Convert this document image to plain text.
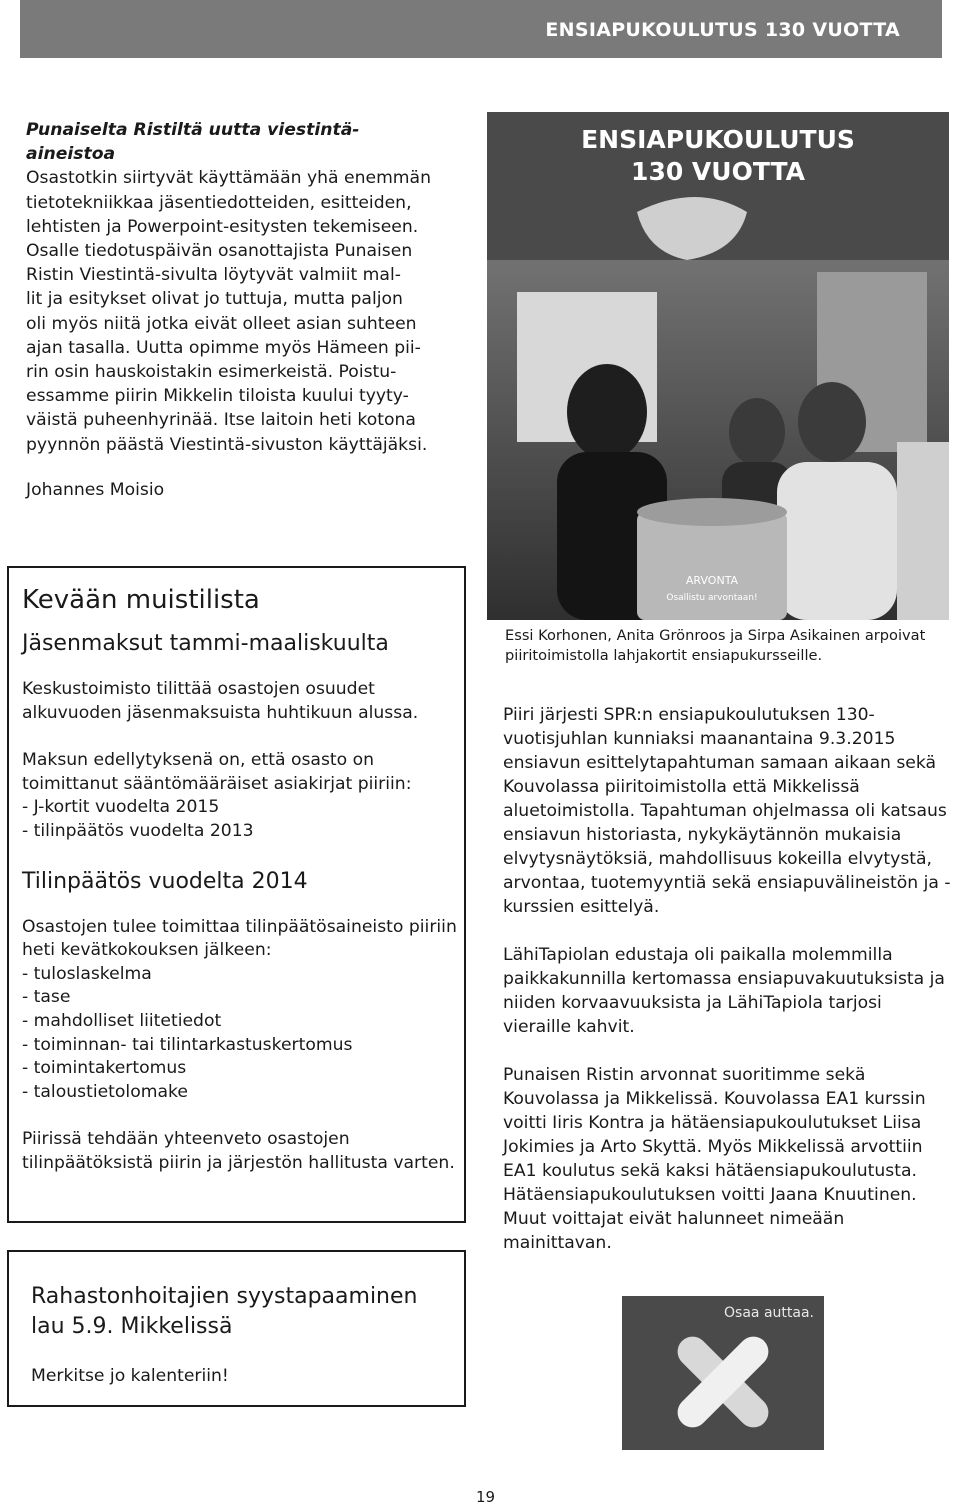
ENSIAPUKOULUTUS 130 VUOTTA
Punaiselta Ristiltä uutta viestintä-aineistoa
Osastotkin siirtyvät käyttämään yhä enemmän
tietotekniikkaa jäsentiedotteiden, esitteiden,
lehtisten ja Powerpoint-esitysten tekemiseen.
Osalle tiedotuspäivän osanottajista Punaisen
Ristin Viestintä-sivulta löytyvät valmiit mal-
lit ja esitykset olivat jo tuttuja, mutta paljon
oli myös niitä jotka eivät olleet asian suhteen
ajan tasalla. Uutta opimme myös Hämeen pii-
rin osin hauskoistakin esimerkeistä. Poistu-
essamme piirin Mikkelin tiloista kuului tyyty-
väistä puheenhyrinää. Itse laitoin heti kotona
pyynnön päästä Viestintä-sivuston käyttäjäksi.
Johannes Moisio
ENSIAPUKOULUTUS
130 VUOTTA
ARVONTA
Osallistu arvontaan!
Essi Korhonen, Anita Grönroos ja Sirpa Asikainen arpoivat piiritoimistolla lahjakortit ensiapukursseille.
Kevään muistilista
Jäsenmaksut tammi-maaliskuulta

Keskustoimisto tilittää osastojen osuudet alkuvuoden jäsenmaksuista huhtikuun alussa.

Maksun edellytyksenä on, että osasto on toimittanut sääntömääräiset asiakirjat piiriin:
- J-kortit vuodelta 2015
- tilinpäätös vuodelta 2013

Tilinpäätös vuodelta 2014

Osastojen tulee toimittaa tilinpäätösaineisto piiriin heti kevätkokouksen jälkeen:
- tuloslaskelma
- tase
- mahdolliset liitetiedot
- toiminnan- tai tilintarkastuskertomus
- toimintakertomus
- taloustietolomake

Piirissä tehdään yhteenveto osastojen tilinpäätöksistä piirin ja järjestön hallitusta varten.

Rahastonhoitajien syystapaaminen lau 5.9. Mikkelissä
Merkitse jo kalenteriin!

Piiri järjesti SPR:n ensiapukoulutuksen 130-vuotisjuhlan kunniaksi maanantaina 9.3.2015 ensiavun esittelytapahtuman samaan aikaan sekä Kouvolassa piiritoimistolla että Mikkelissä aluetoimistolla. Tapahtuman ohjelmassa oli katsaus ensiavun historiasta, nykykäytännön mukaisia elvytysnäytöksiä, mahdollisuus kokeilla elvytystä, arvontaa, tuotemyyntiä sekä ensiapuvälineistön ja -kurssien esittelyä.

LähiTapiolan edustaja oli paikalla molemmilla paikkakunnilla kertomassa ensiapuvakuutuksista ja niiden korvaavuuksista ja LähiTapiola tarjosi vieraille kahvit.

Punaisen Ristin arvonnat suoritimme sekä Kouvolassa ja Mikkelissä. Kouvolassa EA1 kurssin voitti Iiris Kontra ja hätäensiapukoulutukset Liisa Jokimies ja Arto Skyttä. Myös Mikkelissä arvottiin EA1 koulutus sekä kaksi hätäensiapukoulutusta. Hätäensiapukoulutuksen voitti Jaana Knuutinen. Muut voittajat eivät halunneet nimeään mainittavan.

Osaa auttaa.
19
